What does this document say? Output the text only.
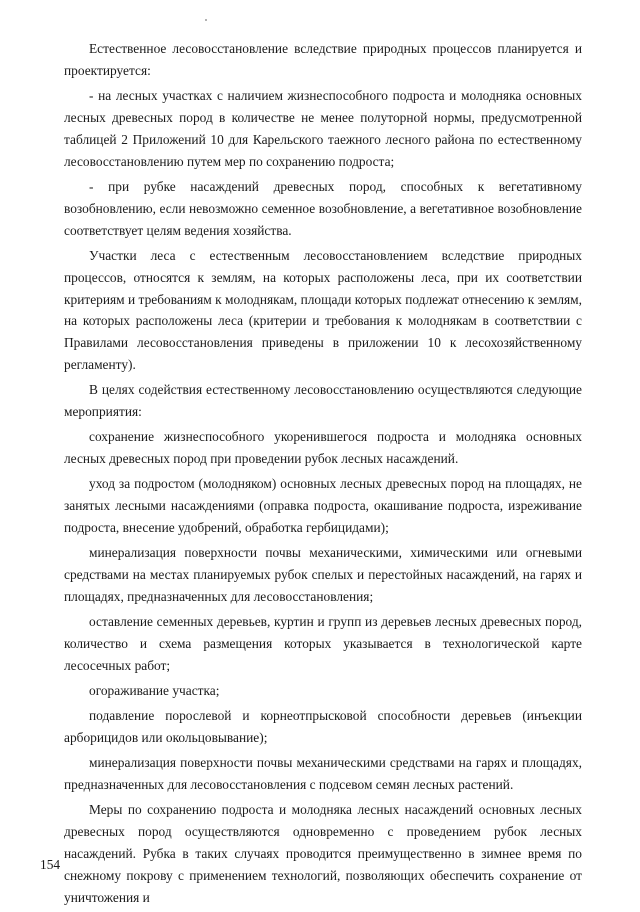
Естественное лесовосстановление вследствие природных процессов планируется и проектируется:

- на лесных участках с наличием жизнеспособного подроста и молодняка основных лесных древесных пород в количестве не менее полуторной нормы, предусмотренной таблицей 2 Приложений 10 для Карельского таежного лесного района по естественному лесовосстановлению путем мер по сохранению подроста;

- при рубке насаждений древесных пород, способных к вегетативному возобновлению, если невозможно семенное возобновление, а вегетативное возобновление соответствует целям ведения хозяйства.

Участки леса с естественным лесовосстановлением вследствие природных процессов, относятся к землям, на которых расположены леса, при их соответствии критериям и требованиям к молоднякам, площади которых подлежат отнесению к землям, на которых расположены леса (критерии и требования к молоднякам в соответствии с Правилами лесовосстановления приведены в приложении 10 к лесохозяйственному регламенту).

В целях содействия естественному лесовосстановлению осуществляются следующие мероприятия:

сохранение жизнеспособного укоренившегося подроста и молодняка основных лесных древесных пород при проведении рубок лесных насаждений.

уход за подростом (молодняком) основных лесных древесных пород на площадях, не занятых лесными насаждениями (оправка подроста, окашивание подроста, изреживание подроста, внесение удобрений, обработка гербицидами);

минерализация поверхности почвы механическими, химическими или огневыми средствами на местах планируемых рубок спелых и перестойных насаждений, на гарях и площадях, предназначенных для лесовосстановления;

оставление семенных деревьев, куртин и групп из деревьев лесных древесных пород, количество и схема размещения которых указывается в технологической карте лесосечных работ;

огораживание участка;

подавление порослевой и корнеотпрысковой способности деревьев (инъекции арборицидов или окольцовывание);

минерализация поверхности почвы механическими средствами на гарях и площадях, предназначенных для лесовосстановления с подсевом семян лесных растений.

Меры по сохранению подроста и молодняка лесных насаждений основных лесных древесных пород осуществляются одновременно с проведением рубок лесных насаждений. Рубка в таких случаях проводится преимущественно в зимнее время по снежному покрову с применением технологий, позволяющих обеспечить сохранение от уничтожения и

154
